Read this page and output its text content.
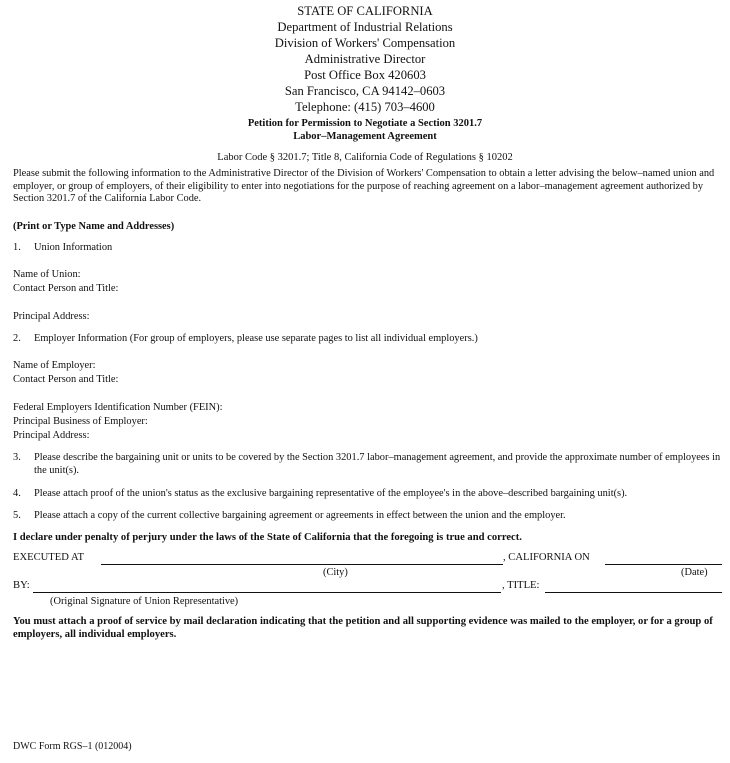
STATE OF CALIFORNIA
Department of Industrial Relations
Division of Workers' Compensation
Administrative Director
Post Office Box 420603
San Francisco, CA 94142–0603
Telephone: (415) 703–4600
Petition for Permission to Negotiate a Section 3201.7
Labor–Management Agreement
Labor Code § 3201.7; Title 8, California Code of Regulations § 10202
Please submit the following information to the Administrative Director of the Division of Workers' Compensation to obtain a letter advising the below–named union and employer, or group of employers, of their eligibility to enter into negotiations for the purpose of reaching agreement on a labor–management agreement authorized by Section 3201.7 of the California Labor Code.
(Print or Type Name and Addresses)
1. Union Information
Name of Union:
Contact Person and Title:
Principal Address:
2. Employer Information (For group of employers, please use separate pages to list all individual employers.)
Name of Employer:
Contact Person and Title:
Federal Employers Identification Number (FEIN):
Principal Business of Employer:
Principal Address:
3. Please describe the bargaining unit or units to be covered by the Section 3201.7 labor–management agreement, and provide the approximate number of employees in the unit(s).
4. Please attach proof of the union's status as the exclusive bargaining representative of the employee's in the above–described bargaining unit(s).
5. Please attach a copy of the current collective bargaining agreement or agreements in effect between the union and the employer.
I declare under penalty of perjury under the laws of the State of California that the foregoing is true and correct.
EXECUTED AT	, CALIFORNIA ON
(City)	(Date)
BY:	, TITLE:
(Original Signature of Union Representative)
You must attach a proof of service by mail declaration indicating that the petition and all supporting evidence was mailed to the employer, or for a group of employers, all individual employers.
DWC Form RGS–1 (012004)
